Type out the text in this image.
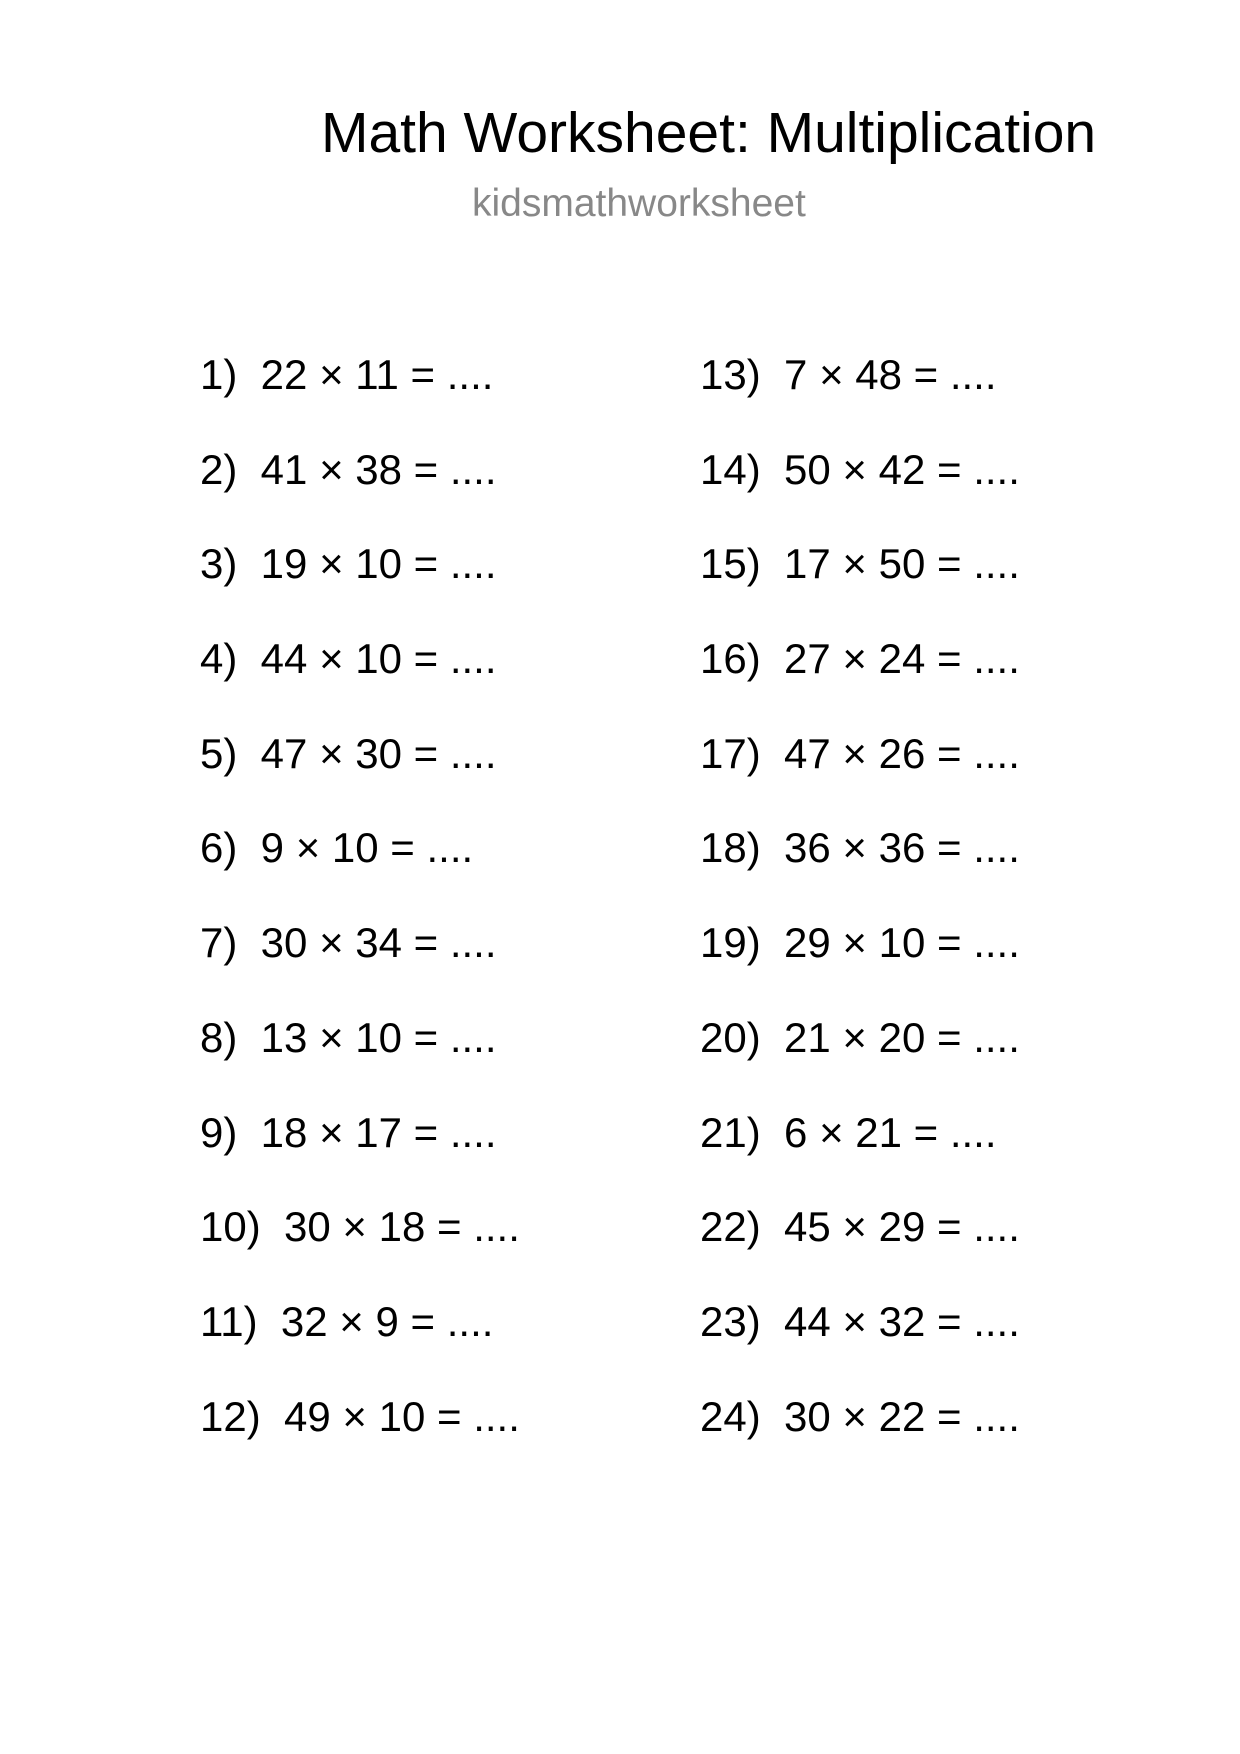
Math Worksheet: Multiplication
kidsmathworksheet
1)  22 × 11 = ....
2)  41 × 38 = ....
3)  19 × 10 = ....
4)  44 × 10 = ....
5)  47 × 30 = ....
6)  9 × 10 = ....
7)  30 × 34 = ....
8)  13 × 10 = ....
9)  18 × 17 = ....
10)  30 × 18 = ....
11)  32 × 9 = ....
12)  49 × 10 = ....
13)  7 × 48 = ....
14)  50 × 42 = ....
15)  17 × 50 = ....
16)  27 × 24 = ....
17)  47 × 26 = ....
18)  36 × 36 = ....
19)  29 × 10 = ....
20)  21 × 20 = ....
21)  6 × 21 = ....
22)  45 × 29 = ....
23)  44 × 32 = ....
24)  30 × 22 = ....
